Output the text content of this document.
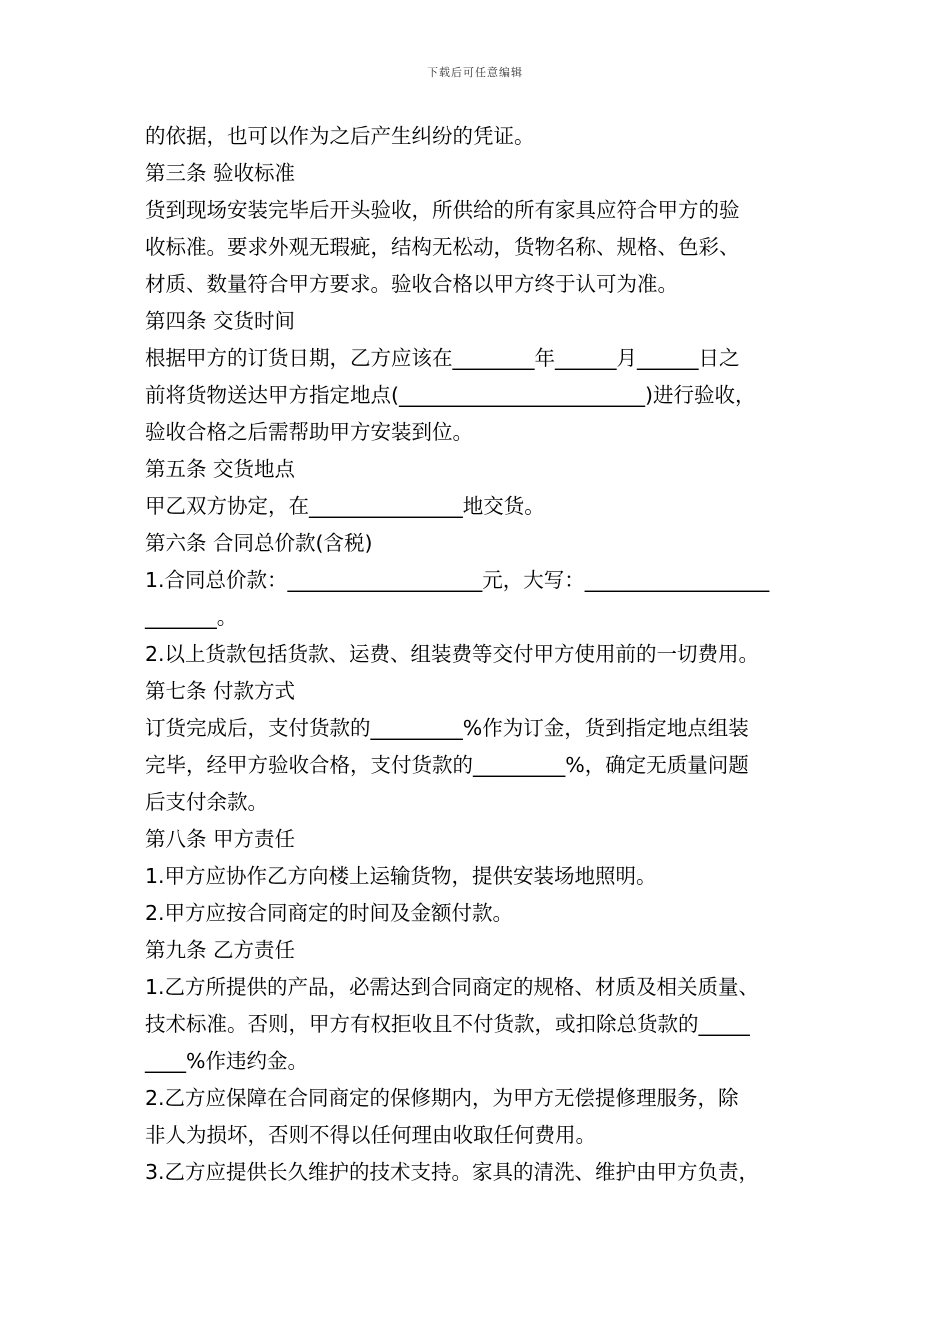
下载后可任意编辑
的依据，也可以作为之后产生纠纷的凭证。
第三条 验收标准
货到现场安装完毕后开头验收，所供给的所有家具应符合甲方的验
收标准。要求外观无瑕疵，结构无松动，货物名称、规格、色彩、
材质、数量符合甲方要求。验收合格以甲方终于认可为准。
第四条 交货时间
根据甲方的订货日期，乙方应该在________年______月______日之
前将货物送达甲方指定地点(________________________)进行验收，
验收合格之后需帮助甲方安装到位。
第五条 交货地点
甲乙双方协定，在_______________地交货。
第六条 合同总价款(含税)
1.合同总价款：___________________元，大写：__________________
_______。
2.以上货款包括货款、运费、组装费等交付甲方使用前的一切费用。
第七条 付款方式
订货完成后，支付货款的_________%作为订金，货到指定地点组装
完毕，经甲方验收合格，支付货款的_________%，确定无质量问题
后支付余款。
第八条 甲方责任
1.甲方应协作乙方向楼上运输货物，提供安装场地照明。
2.甲方应按合同商定的时间及金额付款。
第九条 乙方责任
1.乙方所提供的产品，必需达到合同商定的规格、材质及相关质量、
技术标准。否则，甲方有权拒收且不付货款，或扣除总货款的_____
____%作违约金。
2.乙方应保障在合同商定的保修期内，为甲方无偿提修理服务，除
非人为损坏，否则不得以任何理由收取任何费用。
3.乙方应提供长久维护的技术支持。家具的清洗、维护由甲方负责，
